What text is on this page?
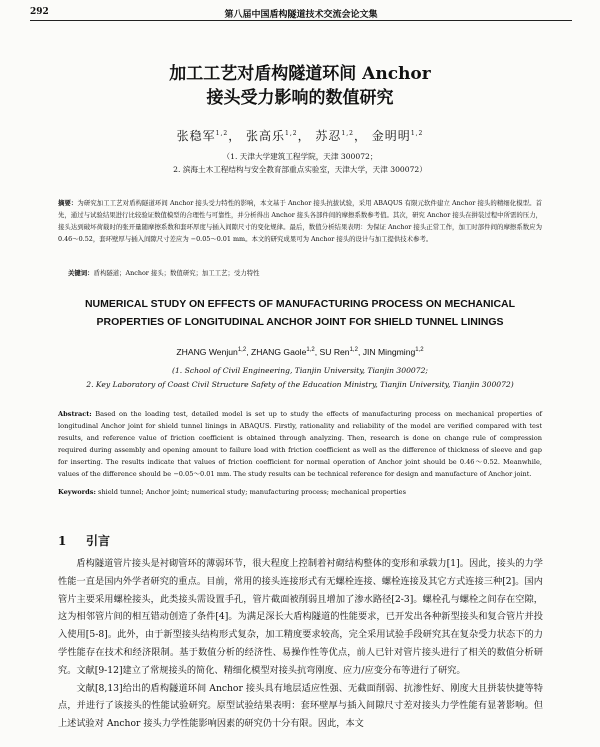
292	第八届中国盾构隧道技术交流会论文集
加工工艺对盾构隧道环间 Anchor
接头受力影响的数值研究
张稳军$^{1,2}$， 张高乐$^{1,2}$， 苏忍$^{1,2}$， 金明明$^{1,2}$
（1. 天津大学建筑工程学院，天津 300072；
2. 滨海土木工程结构与安全教育部重点实验室，天津大学，天津 300072）
摘要：为研究加工工艺对盾构隧道环间 Anchor 接头受力特性的影响，本文基于 Anchor 接头抗拔试验，采用 ABAQUS 有限元软件建立 Anchor 接头的精细化模型。首先，通过与试验结果进行比较验证数值模型的合理性与可靠性，并分析得出 Anchor 接头各部件间的摩擦系数参考值。其次，研究 Anchor 接头在拼装过程中所需的压力，接头达到破坏荷载时的张开量随摩擦系数和套环厚度与插入间隙尺寸的变化规律。最后，数值分析结果表明：为保证 Anchor 接头正常工作，加工时部件间的摩擦系数应为 0.46～0.52，套环壁厚与插入间隙尺寸差应为 −0.05～0.01 mm。本文的研究成果可为 Anchor 接头的设计与加工提供技术参考。
关键词：盾构隧道；Anchor 接头；数值研究；加工工艺；受力特性
NUMERICAL STUDY ON EFFECTS OF MANUFACTURING PROCESS ON MECHANICAL
PROPERTIES OF LONGITUDINAL ANCHOR JOINT FOR SHIELD TUNNEL LININGS
ZHANG Wenjun$^{1,2}$, ZHANG Gaole$^{1,2}$, SU Ren$^{1,2}$, JIN Mingming$^{1,2}$
(1. School of Civil Engineering, Tianjin University, Tianjin 300072;
2. Key Laboratory of Coast Civil Structure Safety of the Education Ministry, Tianjin University, Tianjin 300072)
Abstract: Based on the loading test, detailed model is set up to study the effects of manufacturing process on mechanical properties of longitudinal Anchor joint for shield tunnel linings in ABAQUS. Firstly, rationality and reliability of the model are verified compared with test results, and reference value of friction coefficient is obtained through analyzing. Then, research is done on change rule of compression required during assembly and opening amount to failure load with friction coefficient as well as the difference of thickness of sleeve and gap for inserting. The results indicate that values of friction coefficient for normal operation of Anchor joint should be 0.46～0.52. Meanwhile, values of the difference should be −0.05～0.01 mm. The study results can be technical reference for design and manufacture of Anchor joint.
Keywords: shield tunnel; Anchor joint; numerical study; manufacturing process; mechanical properties
1 引言

盾构隧道管片接头是衬砌管环的薄弱环节，很大程度上控制着衬砌结构整体的变形和承载力[1]。因此，接头的力学性能一直是国内外学者研究的重点。目前，常用的接头连接形式有无螺栓连接、螺栓连接及其它方式连接三种[2]。国内管片主要采用螺栓接头，此类接头需设置手孔，管片截面被削弱且增加了渗水路径[2-3]。螺栓孔与螺栓之间存在空隙，这为相邻管片间的相互错动创造了条件[4]。为满足深长大盾构隧道的性能要求，已开发出各种新型接头和复合管片并投入使用[5-8]。此外，由于新型接头结构形式复杂，加工精度要求较高，完全采用试验手段研究其在复杂受力状态下的力学性能存在技术和经济限制。基于数值分析的经济性、易操作性等优点，前人已针对管片接头进行了相关的数值分析研究。文献[9-12]建立了常规接头的简化、精细化模型对接头抗弯刚度、应力/应变分布等进行了研究。

文献[8,13]给出的盾构隧道环间 Anchor 接头具有地层适应性强、无截面削弱、抗渗性好、刚度大且拼装快捷等特点，并进行了该接头的性能试验研究。原型试验结果表明：套环壁厚与插入间隙尺寸差对接头力学性能有显著影响。但上述试验对 Anchor 接头力学性能影响因素的研究仍十分有限。因此，本文
